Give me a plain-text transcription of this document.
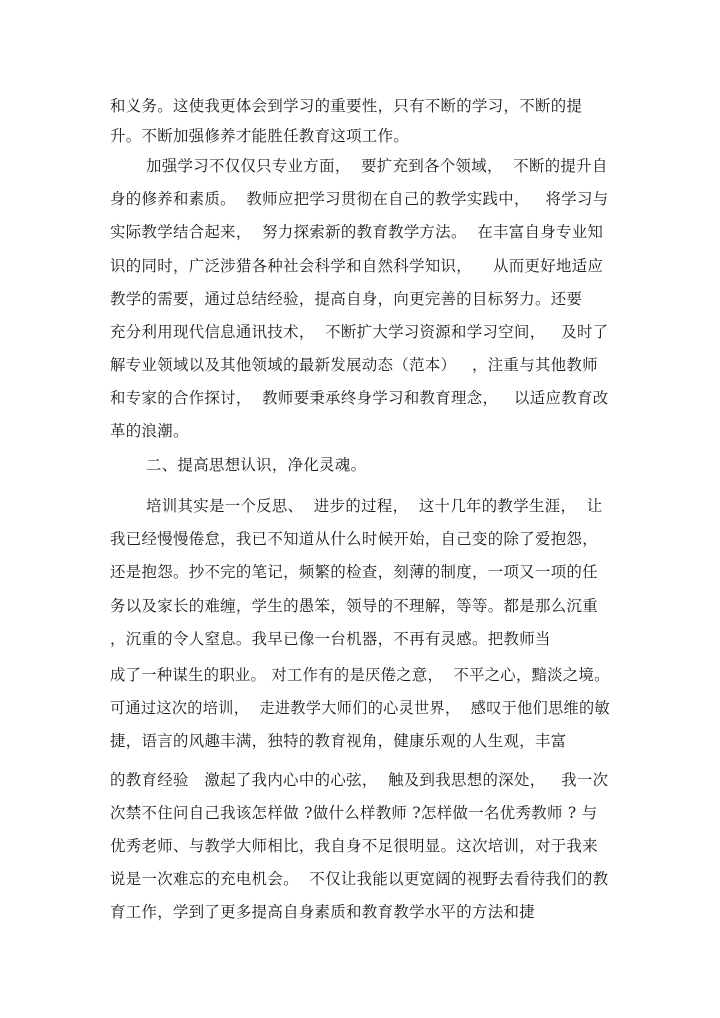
和义务。这使我更体会到学习的重要性，只有不断的学习，不断的提
升。不断加强修养才能胜任教育这项工作。
加强学习不仅仅只专业方面，  要扩充到各个领域，  不断的提升自
身的修养和素质。  教师应把学习贯彻在自己的教学实践中，   将学习与
实际教学结合起来，  努力探索新的教育教学方法。  在丰富自身专业知
识的同时，广泛涉猎各种社会科学和自然科学知识，    从而更好地适应
教学的需要，通过总结经验，提高自身，向更完善的目标努力。还要
充分利用现代信息通讯技术，  不断扩大学习资源和学习空间，   及时了
解专业领域以及其他领域的最新发展动态（范本）   ，注重与其他教师
和专家的合作探讨，  教师要秉承终身学习和教育理念，   以适应教育改
革的浪潮。
二、提高思想认识，净化灵魂。
培训其实是一个反思、  进步的过程，  这十几年的教学生涯，  让
我已经慢慢倦怠，我已不知道从什么时候开始，自己变的除了爱抱怨，
还是抱怨。抄不完的笔记，频繁的检查，刻薄的制度，一项又一项的任
务以及家长的难缠，学生的愚笨，领导的不理解，等等。都是那么沉重
，沉重的令人窒息。我早已像一台机器，不再有灵感。把教师当
成了一种谋生的职业。 对工作有的是厌倦之意，  不平之心，黯淡之境。
可通过这次的培训，  走进教学大师们的心灵世界，  感叹于他们思维的敏
捷，语言的风趣丰满，独特的教育视角，健康乐观的人生观，丰富
的教育经验   激起了我内心中的心弦，  触及到我思想的深处，   我一次
次禁不住问自己我该怎样做 ?做什么样教师 ?怎样做一名优秀教师 ? 与
优秀老师、与教学大师相比，我自身不足很明显。这次培训，对于我来
说是一次难忘的充电机会。  不仅让我能以更宽阔的视野去看待我们的教
育工作，学到了更多提高自身素质和教育教学水平的方法和捷
